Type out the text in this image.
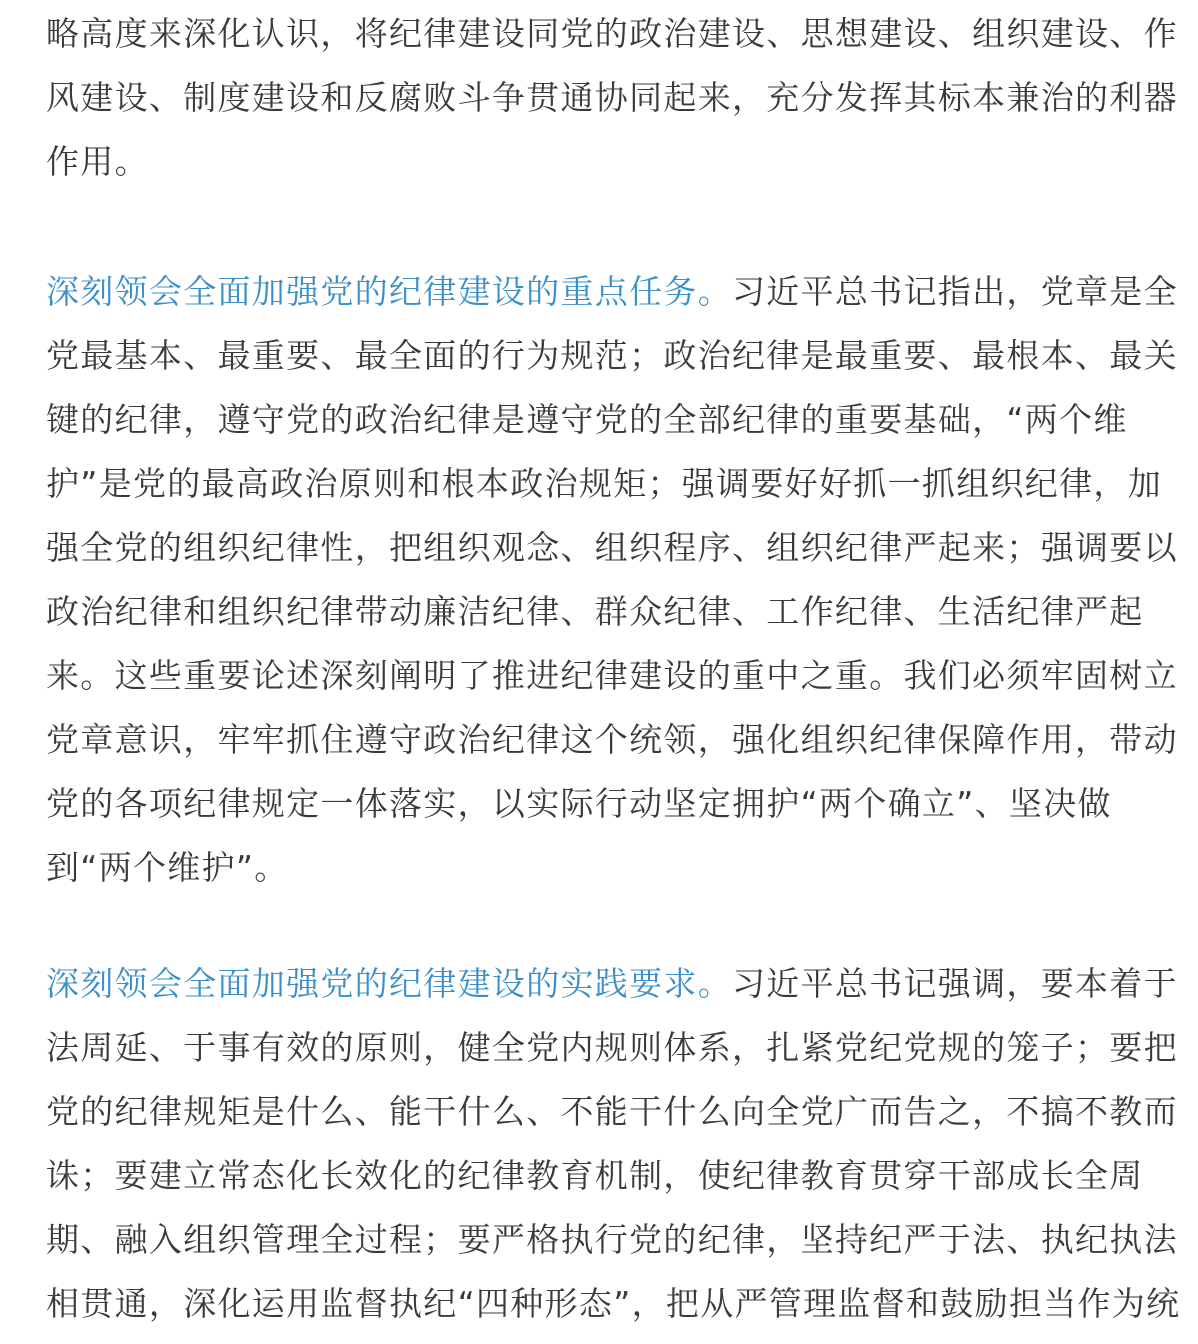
略高度来深化认识，将纪律建设同党的政治建设、思想建设、组织建设、作
风建设、制度建设和反腐败斗争贯通协同起来，充分发挥其标本兼治的利器
作用。
深刻领会全面加强党的纪律建设的重点任务。习近平总书记指出，党章是全
党最基本、最重要、最全面的行为规范；政治纪律是最重要、最根本、最关
键的纪律，遵守党的政治纪律是遵守党的全部纪律的重要基础，“两个维
护”是党的最高政治原则和根本政治规矩；强调要好好抓一抓组织纪律，加
强全党的组织纪律性，把组织观念、组织程序、组织纪律严起来；强调要以
政治纪律和组织纪律带动廉洁纪律、群众纪律、工作纪律、生活纪律严起
来。这些重要论述深刻阐明了推进纪律建设的重中之重。我们必须牢固树立
党章意识，牢牢抓住遵守政治纪律这个统领，强化组织纪律保障作用，带动
党的各项纪律规定一体落实，以实际行动坚定拥护“两个确立”、坚决做
到“两个维护”。
深刻领会全面加强党的纪律建设的实践要求。习近平总书记强调，要本着于
法周延、于事有效的原则，健全党内规则体系，扎紧党纪党规的笼子；要把
党的纪律规矩是什么、能干什么、不能干什么向全党广而告之，不搞不教而
诛；要建立常态化长效化的纪律教育机制，使纪律教育贯穿干部成长全周
期、融入组织管理全过程；要严格执行党的纪律，坚持纪严于法、执纪执法
相贯通，深化运用监督执纪“四种形态”，把从严管理监督和鼓励担当作为统
